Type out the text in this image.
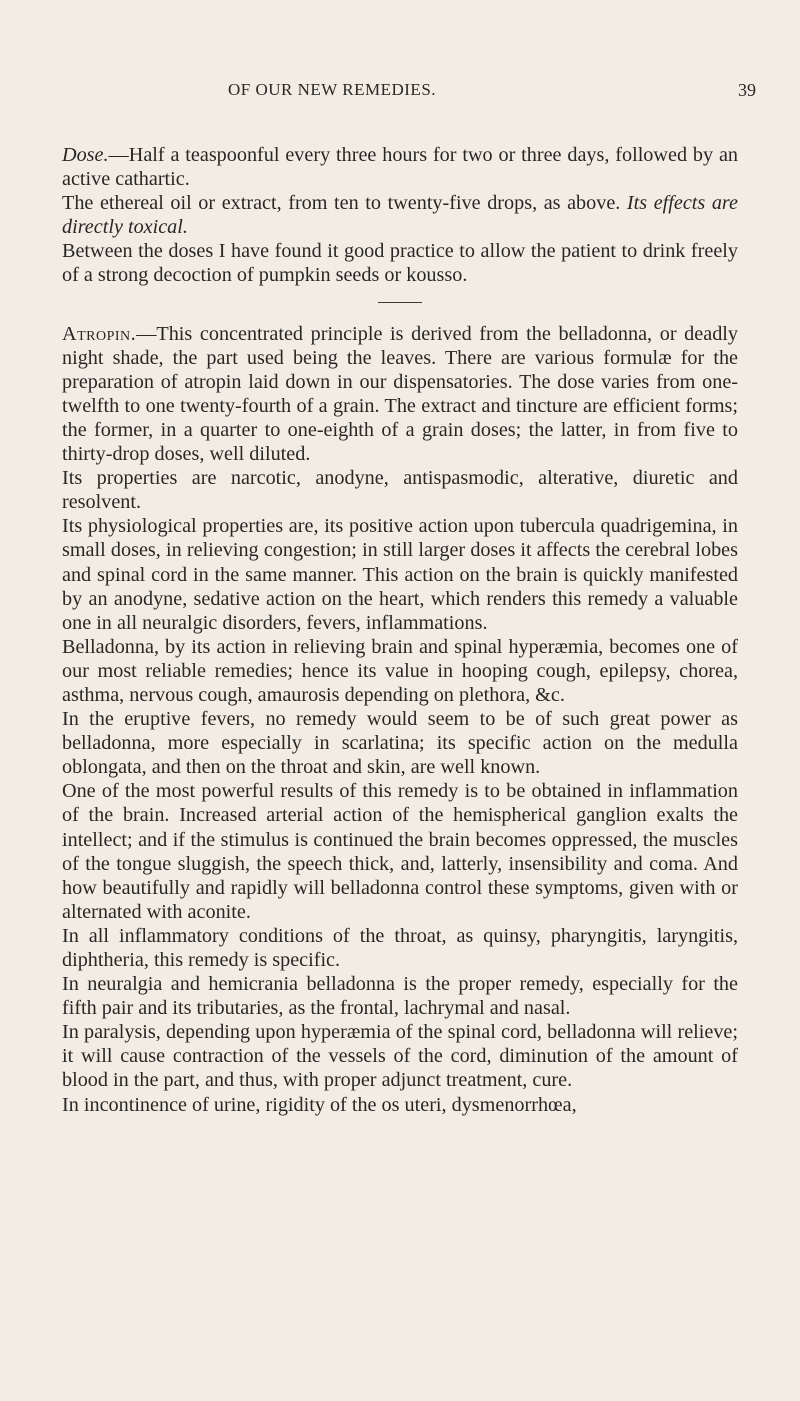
OF OUR NEW REMEDIES.	39

Dose.—Half a teaspoonful every three hours for two or three days, followed by an active cathartic.

The ethereal oil or extract, from ten to twenty-five drops, as above. Its effects are directly toxical.

Between the doses I have found it good practice to allow the patient to drink freely of a strong decoction of pumpkin seeds or kousso.

Atropin.—This concentrated principle is derived from the belladonna, or deadly night shade, the part used being the leaves. There are various formulæ for the preparation of atropin laid down in our dispensatories. The dose varies from one-twelfth to one twenty-fourth of a grain. The extract and tincture are efficient forms; the former, in a quarter to one-eighth of a grain doses; the latter, in from five to thirty-drop doses, well diluted.

Its properties are narcotic, anodyne, antispasmodic, alterative, diuretic and resolvent.

Its physiological properties are, its positive action upon tubercula quadrigemina, in small doses, in relieving congestion; in still larger doses it affects the cerebral lobes and spinal cord in the same manner. This action on the brain is quickly manifested by an anodyne, sedative action on the heart, which renders this remedy a valuable one in all neuralgic disorders, fevers, inflammations.

Belladonna, by its action in relieving brain and spinal hyperæmia, becomes one of our most reliable remedies; hence its value in hooping cough, epilepsy, chorea, asthma, nervous cough, amaurosis depending on plethora, &c.

In the eruptive fevers, no remedy would seem to be of such great power as belladonna, more especially in scarlatina; its specific action on the medulla oblongata, and then on the throat and skin, are well known.

One of the most powerful results of this remedy is to be obtained in inflammation of the brain. Increased arterial action of the hemispherical ganglion exalts the intellect; and if the stimulus is continued the brain becomes oppressed, the muscles of the tongue sluggish, the speech thick, and, latterly, insensibility and coma. And how beautifully and rapidly will belladonna control these symptoms, given with or alternated with aconite.

In all inflammatory conditions of the throat, as quinsy, pharyngitis, laryngitis, diphtheria, this remedy is specific.

In neuralgia and hemicrania belladonna is the proper remedy, especially for the fifth pair and its tributaries, as the frontal, lachrymal and nasal.

In paralysis, depending upon hyperæmia of the spinal cord, belladonna will relieve; it will cause contraction of the vessels of the cord, diminution of the amount of blood in the part, and thus, with proper adjunct treatment, cure.

In incontinence of urine, rigidity of the os uteri, dysmenorrhœa,
